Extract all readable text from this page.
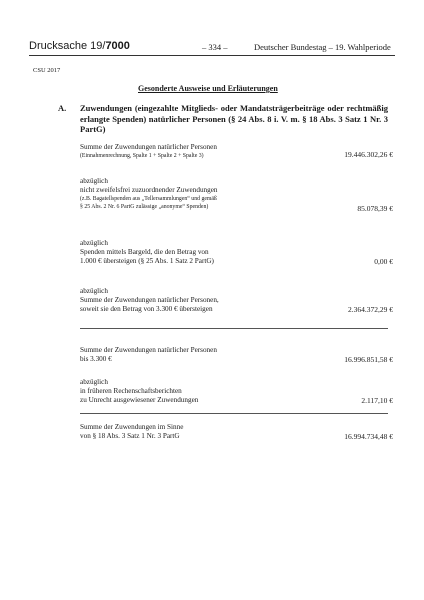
Drucksache 19/7000	– 334 –	Deutscher Bundestag – 19. Wahlperiode
CSU 2017
Gesonderte Ausweise und Erläuterungen
A. Zuwendungen (eingezahlte Mitglieds- oder Mandatsträgerbeiträge oder rechtmäßig erlangte Spenden) natürlicher Personen (§ 24 Abs. 8 i. V. m. § 18 Abs. 3 Satz 1 Nr. 3 PartG)
Summe der Zuwendungen natürlicher Personen
(Einnahmenrechnung, Spalte 1 + Spalte 2 + Spalte 3)	19.446.302,26 €
abzüglich
nicht zweifelsfrei zuzuordnender Zuwendungen
(z.B. Bagatellspenden aus „Tellersammlungen“ und gemäß
§ 25 Abs. 2 Nr. 6 PartG zulässige „anonyme“ Spenden)	85.078,39 €
abzüglich
Spenden mittels Bargeld, die den Betrag von
1.000 € übersteigen (§ 25 Abs. 1 Satz 2 PartG)	0,00 €
abzüglich
Summe der Zuwendungen natürlicher Personen,
soweit sie den Betrag von 3.300 € übersteigen	2.364.372,29 €
Summe der Zuwendungen natürlicher Personen
bis 3.300 €	16.996.851,58 €
abzüglich
in früheren Rechenschaftsberichten
zu Unrecht ausgewiesener Zuwendungen	2.117,10 €
Summe der Zuwendungen im Sinne
von § 18 Abs. 3 Satz 1 Nr. 3 PartG	16.994.734,48 €
